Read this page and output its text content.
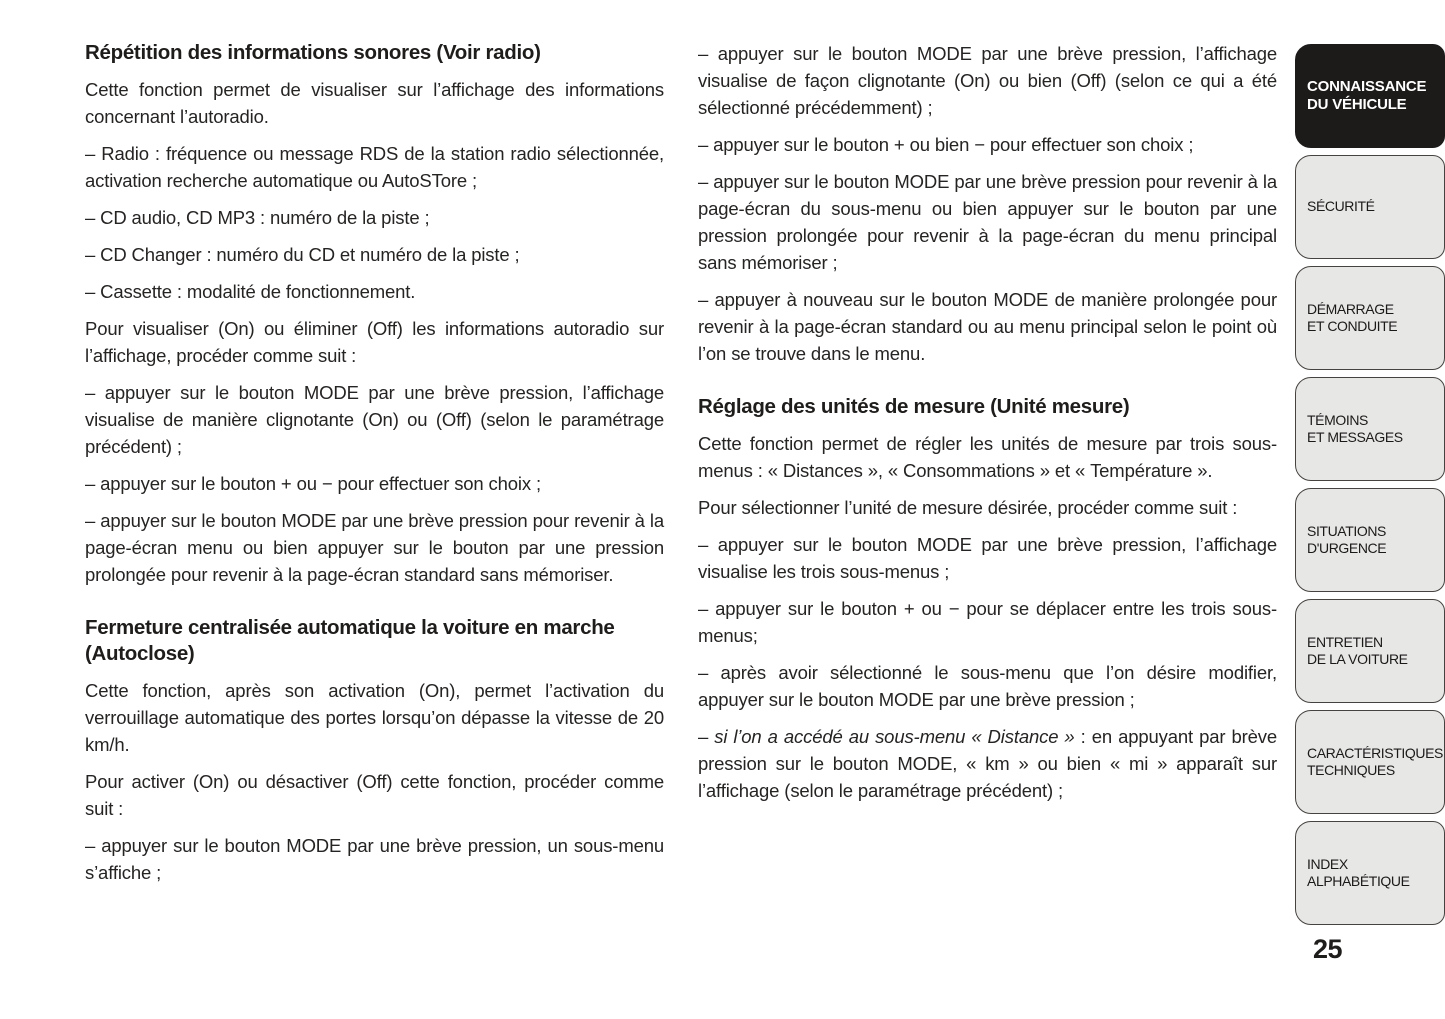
Répétition des informations sonores (Voir radio)

Cette fonction permet de visualiser sur l’affichage des informations concernant l’autoradio.

– Radio : fréquence ou message RDS de la station radio sélectionnée, activation recherche automatique ou AutoSTore ;

– CD audio, CD MP3 : numéro de la piste ;

– CD Changer : numéro du CD et numéro de la piste ;

– Cassette : modalité de fonctionnement.

Pour visualiser (On) ou éliminer (Off) les informations autoradio sur l’affichage, procéder comme suit :

– appuyer sur le bouton MODE par une brève pression, l’affichage visualise de manière clignotante (On) ou (Off) (selon le paramétrage précédent) ;

– appuyer sur le bouton + ou − pour effectuer son choix ;

– appuyer sur le bouton MODE par une brève pression pour revenir à la page-écran menu ou bien appuyer sur le bouton par une pression prolongée pour revenir à la page-écran standard sans mémoriser.

Fermeture centralisée automatique la voiture en marche (Autoclose)

Cette fonction, après son activation (On), permet l’activation du verrouillage automatique des portes lorsqu’on dépasse la vitesse de 20 km/h.

Pour activer (On) ou désactiver (Off) cette fonction, procéder comme suit :

– appuyer sur le bouton MODE par une brève pression, un sous-menu s’affiche ;

– appuyer sur le bouton MODE par une brève pression, l’affichage visualise de façon clignotante (On) ou bien (Off) (selon ce qui a été sélectionné précédemment) ;

– appuyer sur le bouton + ou bien − pour effectuer son choix ;

– appuyer sur le bouton MODE par une brève pression pour revenir à la page-écran du sous-menu ou bien appuyer sur le bouton par une pression prolongée pour revenir à la page-écran du menu principal sans mémoriser ;

– appuyer à nouveau sur le bouton MODE de manière prolongée pour revenir à la page-écran standard ou au menu principal selon le point où l’on se trouve dans le menu.

Réglage des unités de mesure (Unité mesure)

Cette fonction permet de régler les unités de mesure par trois sous-menus : « Distances », « Consommations » et « Température ».

Pour sélectionner l’unité de mesure désirée, procéder comme suit :

– appuyer sur le bouton MODE par une brève pression, l’affichage visualise les trois sous-menus ;

– appuyer sur le bouton + ou − pour se déplacer entre les trois sous-menus;

– après avoir sélectionné le sous-menu que l’on désire modifier, appuyer sur le bouton MODE par une brève pression ;

– si l’on a accédé au sous-menu « Distance » : en appuyant par brève pression sur le bouton MODE, « km » ou bien « mi » apparaît sur l’affichage (selon le paramétrage précédent) ;

CONNAISSANCE
DU VÉHICULE
SÉCURITÉ
DÉMARRAGE
ET CONDUITE
TÉMOINS
ET MESSAGES
SITUATIONS
D'URGENCE
ENTRETIEN
DE LA VOITURE
CARACTÉRISTIQUES
TECHNIQUES
INDEX
ALPHABÉTIQUE
25
